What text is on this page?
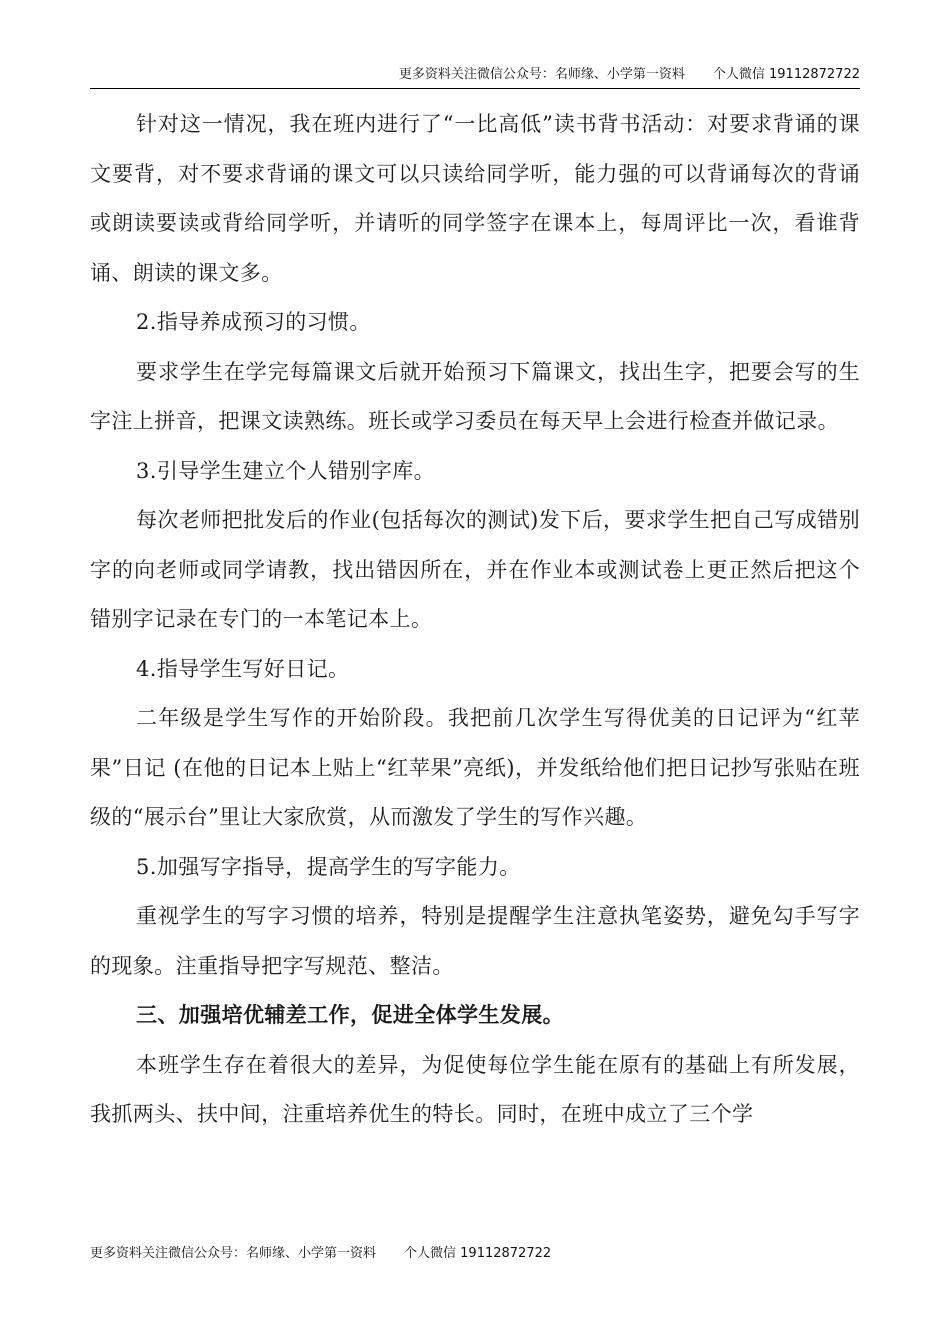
更多资料关注微信公众号：名师缘、小学第一资料 个人微信 19112872722

针对这一情况，我在班内进行了“一比高低”读书背书活动：对要求背诵的课文要背，对不要求背诵的课文可以只读给同学听，能力强的可以背诵每次的背诵或朗读要读或背给同学听，并请听的同学签字在课本上，每周评比一次，看谁背诵、朗读的课文多。

2.指导养成预习的习惯。

要求学生在学完每篇课文后就开始预习下篇课文，找出生字，把要会写的生字注上拼音，把课文读熟练。班长或学习委员在每天早上会进行检查并做记录。

3.引导学生建立个人错别字库。

每次老师把批发后的作业(包括每次的测试)发下后，要求学生把自己写成错别字的向老师或同学请教，找出错因所在，并在作业本或测试卷上更正然后把这个错别字记录在专门的一本笔记本上。

4.指导学生写好日记。

二年级是学生写作的开始阶段。我把前几次学生写得优美的日记评为“红苹果”日记 (在他的日记本上贴上“红苹果”亮纸)，并发纸给他们把日记抄写张贴在班级的“展示台”里让大家欣赏，从而激发了学生的写作兴趣。

5.加强写字指导，提高学生的写字能力。

重视学生的写字习惯的培养，特别是提醒学生注意执笔姿势，避免勾手写字的现象。注重指导把字写规范、整洁。

三、加强培优辅差工作，促进全体学生发展。

本班学生存在着很大的差异，为促使每位学生能在原有的基础上有所发展，我抓两头、扶中间，注重培养优生的特长。同时，在班中成立了三个学

更多资料关注微信公众号：名师缘、小学第一资料 个人微信 19112872722
